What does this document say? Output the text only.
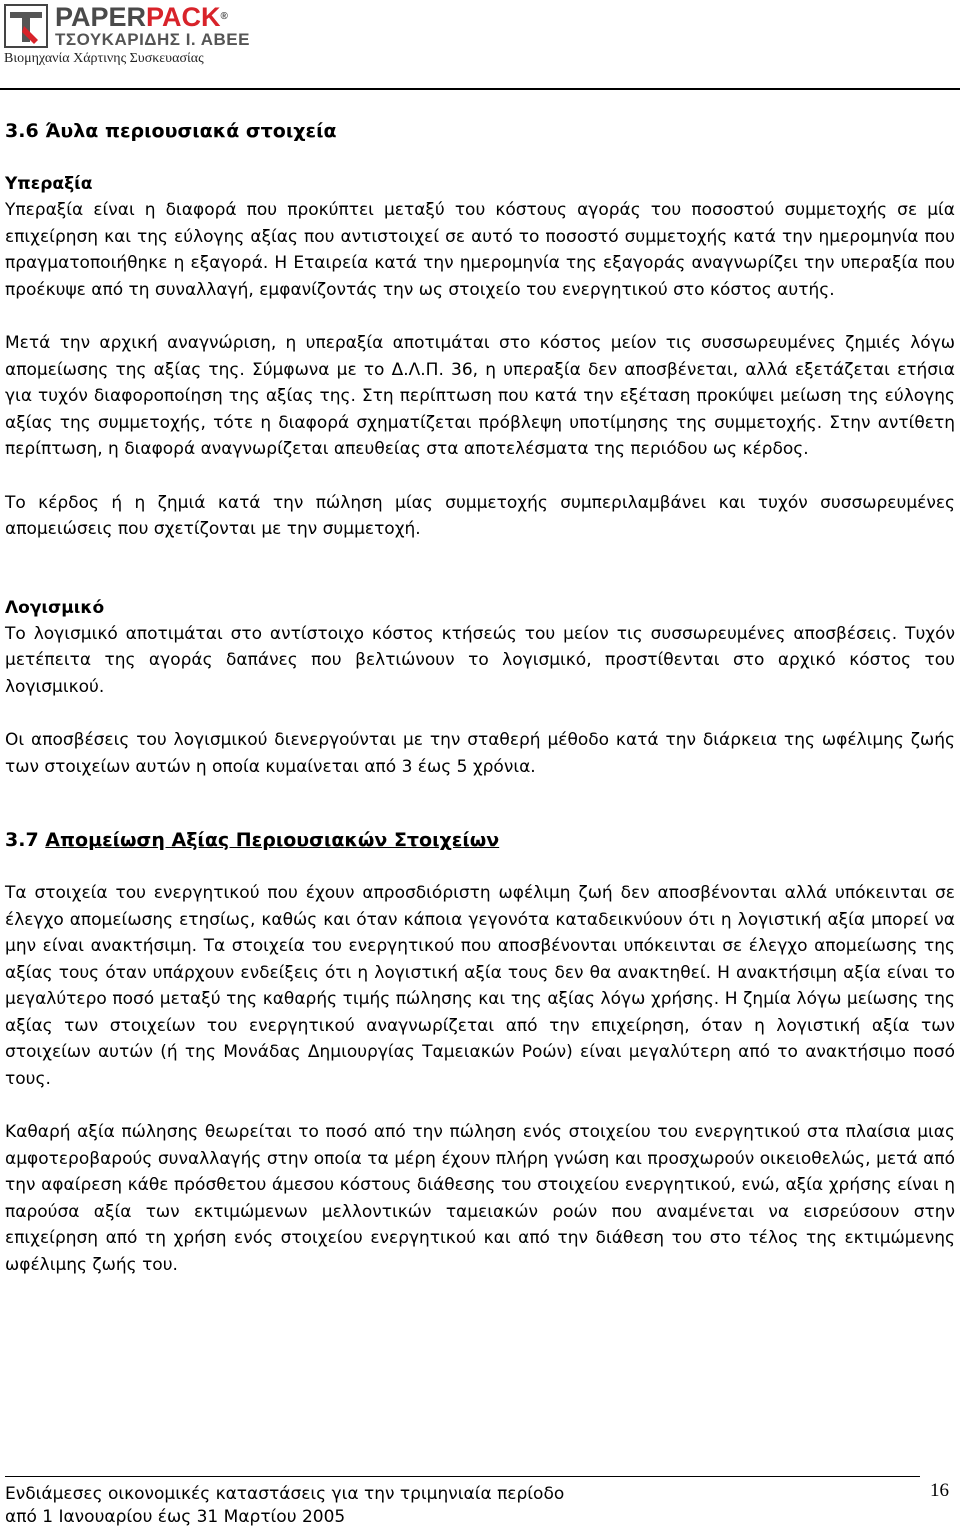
PAPERPACK®
ΤΣΟΥΚΑΡΙΔΗΣ Ι. ΑΒΕΕ
Βιομηχανία Χάρτινης Συσκευασίας
3.6 Άυλα περιουσιακά στοιχεία
Υπεραξία

Υπεραξία είναι η διαφορά που προκύπτει μεταξύ του κόστους αγοράς του ποσοστού συμμετοχής σε μία επιχείρηση και της εύλογης αξίας που αντιστοιχεί σε αυτό το ποσοστό συμμετοχής κατά την ημερομηνία που πραγματοποιήθηκε η εξαγορά. Η Εταιρεία κατά την ημερομηνία της εξαγοράς αναγνωρίζει την υπεραξία που προέκυψε από τη συναλλαγή, εμφανίζοντάς την ως στοιχείο του ενεργητικού στο κόστος αυτής.

Μετά την αρχική αναγνώριση, η υπεραξία αποτιμάται στο κόστος μείον τις συσσωρευμένες ζημιές λόγω απομείωσης της αξίας της. Σύμφωνα με το Δ.Λ.Π. 36, η υπεραξία δεν αποσβένεται, αλλά εξετάζεται ετήσια για τυχόν διαφοροποίηση της αξίας της. Στη περίπτωση που κατά την εξέταση προκύψει μείωση της εύλογης αξίας της συμμετοχής, τότε η διαφορά σχηματίζεται πρόβλεψη υποτίμησης της συμμετοχής. Στην αντίθετη περίπτωση, η διαφορά αναγνωρίζεται απευθείας στα αποτελέσματα της περιόδου ως κέρδος.

Το κέρδος ή η ζημιά κατά την πώληση μίας συμμετοχής συμπεριλαμβάνει και τυχόν συσσωρευμένες απομειώσεις που σχετίζονται με την συμμετοχή.

Λογισμικό

Το λογισμικό αποτιμάται στο αντίστοιχο κόστος κτήσεώς του μείον τις συσσωρευμένες αποσβέσεις. Τυχόν μετέπειτα της αγοράς δαπάνες που βελτιώνουν το λογισμικό, προστίθενται στο αρχικό κόστος του λογισμικού.

Οι αποσβέσεις του λογισμικού διενεργούνται με την σταθερή μέθοδο κατά την διάρκεια της ωφέλιμης ζωής των στοιχείων αυτών η οποία κυμαίνεται από 3 έως 5 χρόνια.

3.7 Απομείωση Αξίας Περιουσιακών Στοιχείων

Τα στοιχεία του ενεργητικού που έχουν απροσδιόριστη ωφέλιμη ζωή δεν αποσβένονται αλλά υπόκεινται σε έλεγχο απομείωσης ετησίως, καθώς και όταν κάποια γεγονότα καταδεικνύουν ότι η λογιστική αξία μπορεί να μην είναι ανακτήσιμη. Τα στοιχεία του ενεργητικού που αποσβένονται υπόκεινται σε έλεγχο απομείωσης της αξίας τους όταν υπάρχουν ενδείξεις ότι η λογιστική αξία τους δεν θα ανακτηθεί. Η ανακτήσιμη αξία είναι το μεγαλύτερο ποσό μεταξύ της καθαρής τιμής πώλησης και της αξίας λόγω χρήσης. Η ζημία λόγω μείωσης της αξίας των στοιχείων του ενεργητικού αναγνωρίζεται από την επιχείρηση, όταν η λογιστική αξία των στοιχείων αυτών (ή της Μονάδας Δημιουργίας Ταμειακών Ροών) είναι μεγαλύτερη από το ανακτήσιμο ποσό τους.

Καθαρή αξία πώλησης θεωρείται το ποσό από την πώληση ενός στοιχείου του ενεργητικού στα πλαίσια μιας αμφοτεροβαρούς συναλλαγής στην οποία τα μέρη έχουν πλήρη γνώση και προσχωρούν οικειοθελώς, μετά από την αφαίρεση κάθε πρόσθετου άμεσου κόστους διάθεσης του στοιχείου ενεργητικού, ενώ, αξία χρήσης είναι η παρούσα αξία των εκτιμώμενων μελλοντικών ταμειακών ροών που αναμένεται να εισρεύσουν στην επιχείρηση από τη χρήση ενός στοιχείου ενεργητικού και από την διάθεση του στο τέλος της εκτιμώμενης ωφέλιμης ζωής του.

Ενδιάμεσες οικονομικές καταστάσεις για την τριμηνιαία περίοδο
από 1 Ιανουαρίου έως 31 Μαρτίου 2005
16
